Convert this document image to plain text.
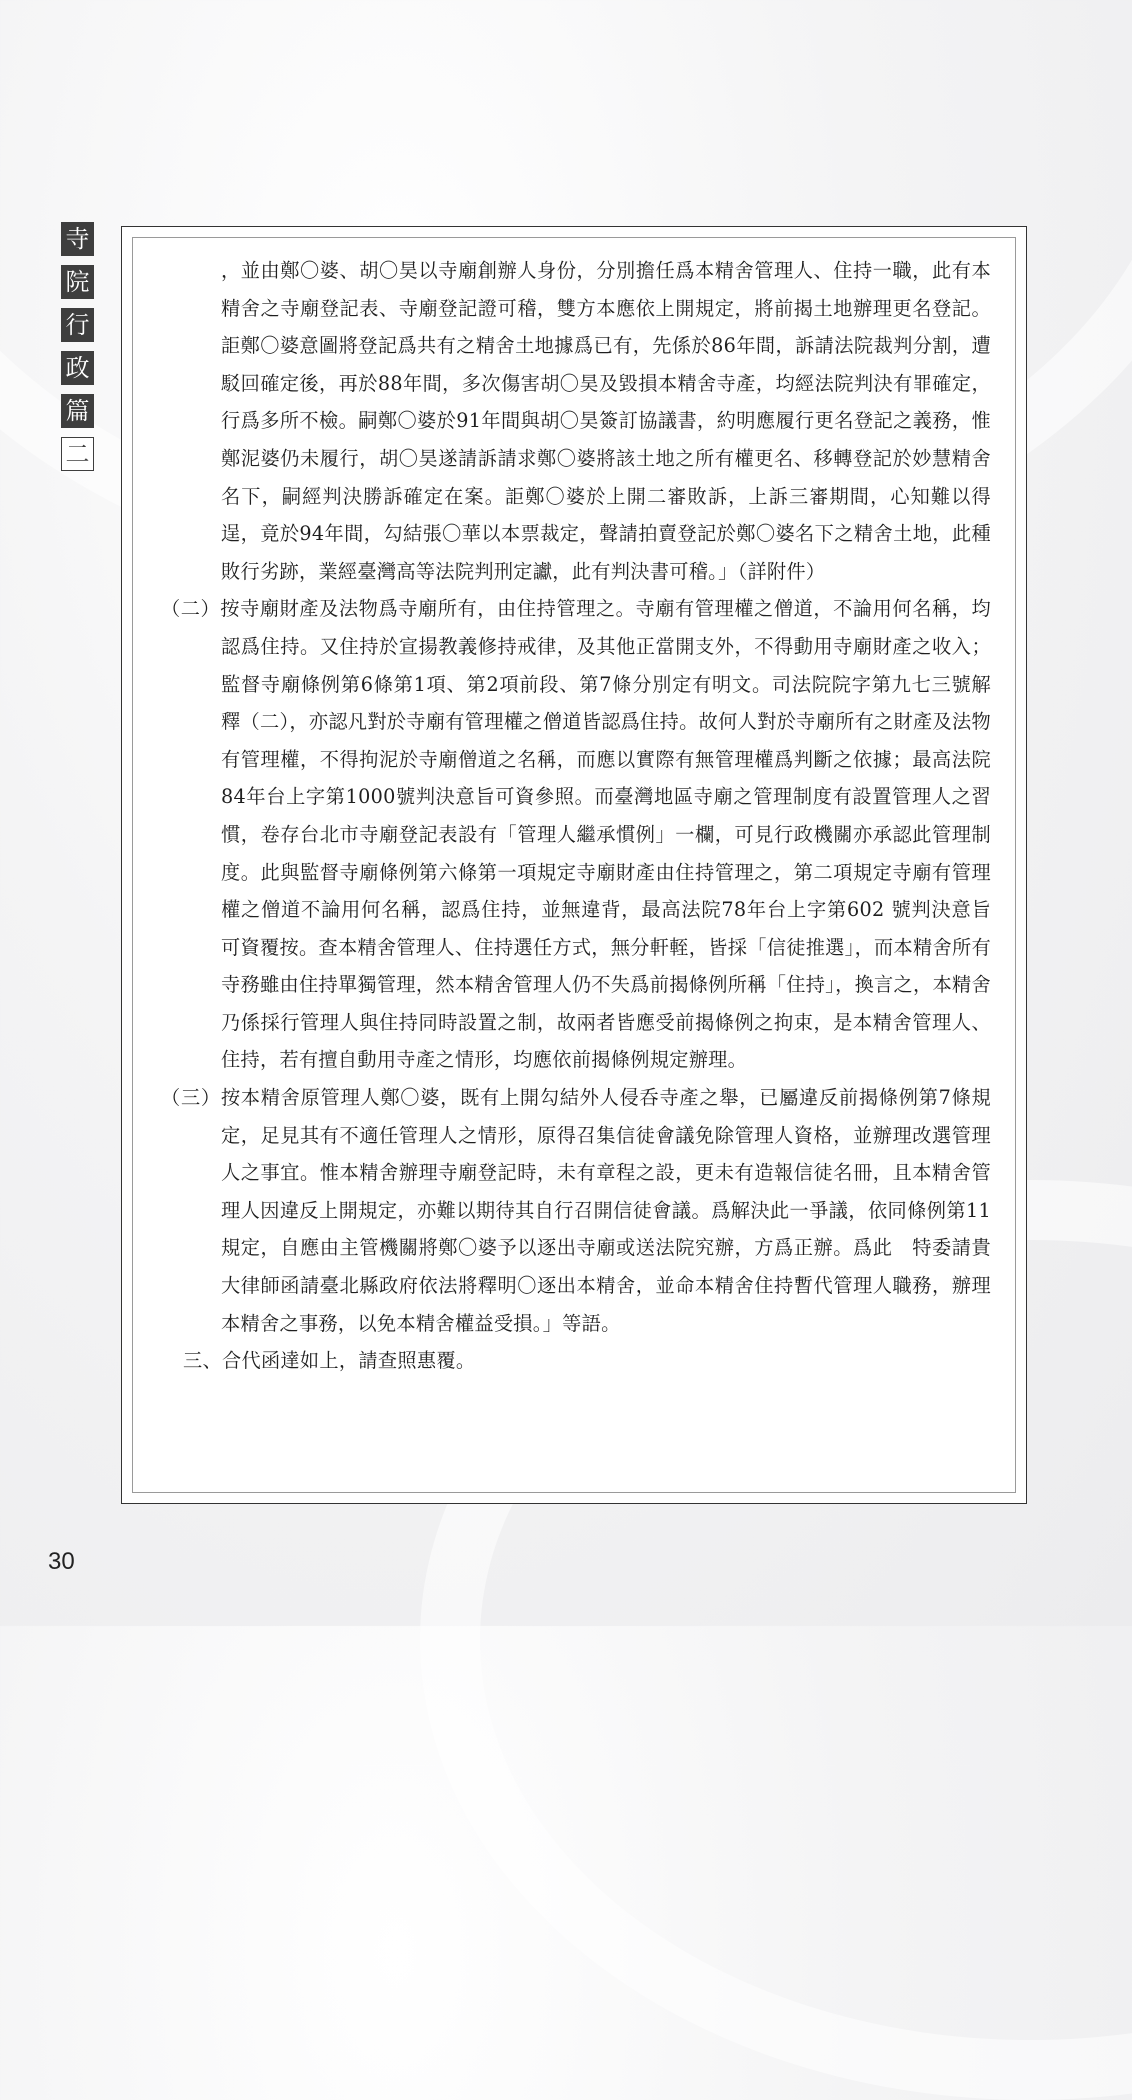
寺
院
行
政
篇
二

，並由鄭〇婆、胡〇昊以寺廟創辦人身份，分別擔任爲本精舍管理人、住持一職，此有本精舍之寺廟登記表、寺廟登記證可稽，雙方本應依上開規定，將前揭土地辦理更名登記。詎鄭〇婆意圖將登記爲共有之精舍土地據爲已有，先係於86年間，訴請法院裁判分割，遭駁回確定後，再於88年間，多次傷害胡〇昊及毀損本精舍寺產，均經法院判決有罪確定，行爲多所不檢。嗣鄭〇婆於91年間與胡〇昊簽訂協議書，約明應履行更名登記之義務，惟鄭泥婆仍未履行，胡〇昊遂請訴請求鄭〇婆將該土地之所有權更名、移轉登記於妙慧精舍名下，嗣經判決勝訴確定在案。詎鄭〇婆於上開二審敗訴，上訴三審期間，心知難以得逞，竟於94年間，勾結張〇華以本票裁定，聲請拍賣登記於鄭〇婆名下之精舍土地，此種敗行劣跡，業經臺灣高等法院判刑定讞，此有判決書可稽。」（詳附件）

（二）按寺廟財產及法物爲寺廟所有，由住持管理之。寺廟有管理權之僧道，不論用何名稱，均認爲住持。又住持於宣揚教義修持戒律，及其他正當開支外，不得動用寺廟財產之收入；監督寺廟條例第6條第1項、第2項前段、第7條分別定有明文。司法院院字第九七三號解釋（二），亦認凡對於寺廟有管理權之僧道皆認爲住持。故何人對於寺廟所有之財產及法物有管理權，不得拘泥於寺廟僧道之名稱，而應以實際有無管理權爲判斷之依據；最高法院84年台上字第1000號判決意旨可資參照。而臺灣地區寺廟之管理制度有設置管理人之習慣，卷存台北市寺廟登記表設有「管理人繼承慣例」一欄，可見行政機關亦承認此管理制度。此與監督寺廟條例第六條第一項規定寺廟財產由住持管理之，第二項規定寺廟有管理權之僧道不論用何名稱，認爲住持，並無違背，最高法院78年台上字第602 號判決意旨可資覆按。查本精舍管理人、住持選任方式，無分軒輊，皆採「信徒推選」，而本精舍所有寺務雖由住持單獨管理，然本精舍管理人仍不失爲前揭條例所稱「住持」，換言之，本精舍乃係採行管理人與住持同時設置之制，故兩者皆應受前揭條例之拘束，是本精舍管理人、住持，若有擅自動用寺產之情形，均應依前揭條例規定辦理。

（三）按本精舍原管理人鄭〇婆，既有上開勾結外人侵呑寺產之舉，已屬違反前揭條例第7條規定，足見其有不適任管理人之情形，原得召集信徒會議免除管理人資格，並辦理改選管理人之事宜。惟本精舍辦理寺廟登記時，未有章程之設，更未有造報信徒名冊，且本精舍管理人因違反上開規定，亦難以期待其自行召開信徒會議。爲解決此一爭議，依同條例第11規定，自應由主管機關將鄭〇婆予以逐出寺廟或送法院究辦，方爲正辦。爲此　特委請貴大律師函請臺北縣政府依法將釋明〇逐出本精舍，並命本精舍住持暫代管理人職務，辦理本精舍之事務，以免本精舍權益受損。」等語。

三、合代函達如上，請查照惠覆。

30
